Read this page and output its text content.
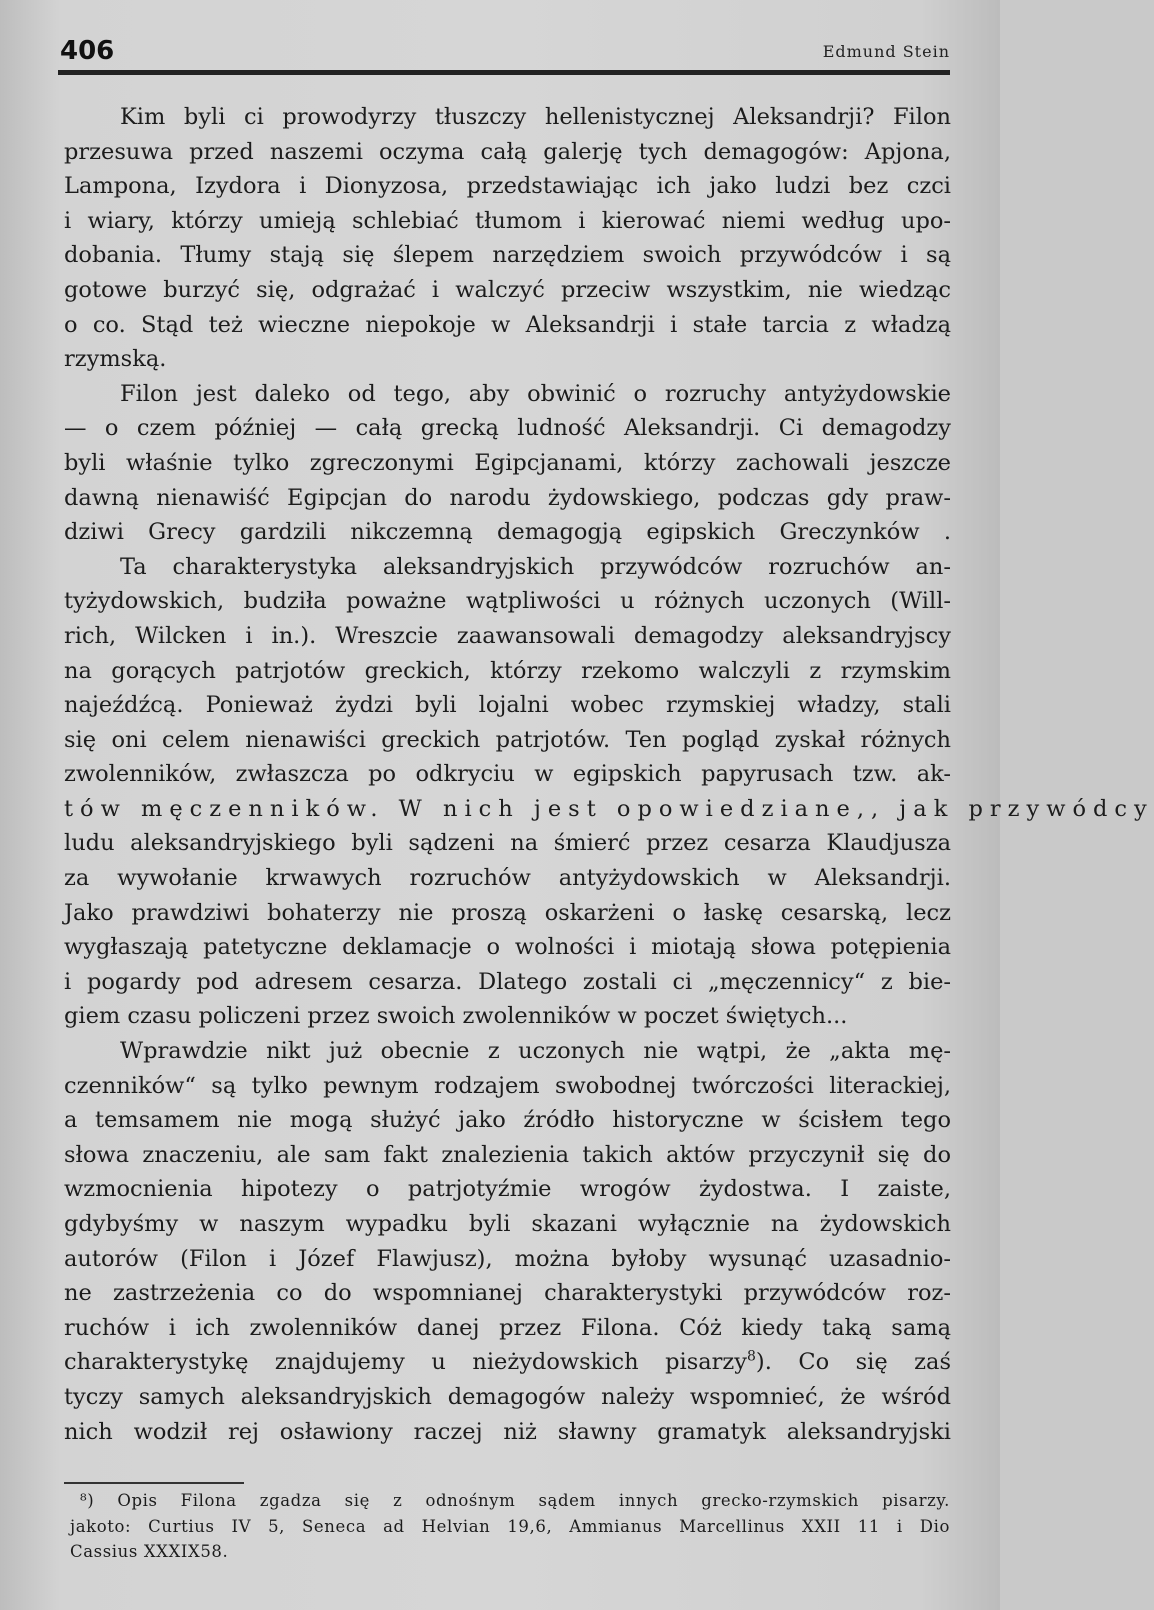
406	Edmund Stein
Kim byli ci prowodyrzy tłuszczy hellenistycznej Aleksandrji? Filon
przesuwa przed naszemi oczyma całą galerję tych demagogów: Apjona,
Lampona, Izydora i Dionyzosa, przedstawiając ich jako ludzi bez czci
i wiary, którzy umieją schlebiać tłumom i kierować niemi według upo-
dobania. Tłumy stają się ślepem narzędziem swoich przywódców i są
gotowe burzyć się, odgrażać i walczyć przeciw wszystkim, nie wiedząc
o co. Stąd też wieczne niepokoje w Aleksandrji i stałe tarcia z władzą
rzymską.
Filon jest daleko od tego, aby obwinić o rozruchy antyżydowskie
— o czem później — całą grecką ludność Aleksandrji. Ci demagodzy
byli właśnie tylko zgreczonymi Egipcjanami, którzy zachowali jeszcze
dawną nienawiść Egipcjan do narodu żydowskiego, podczas gdy praw-
dziwi Grecy gardzili nikczemną demagogją egipskich Greczynków .
Ta charakterystyka aleksandryjskich przywódców rozruchów an-
tyżydowskich, budziła poważne wątpliwości u różnych uczonych (Will-
rich, Wilcken i in.). Wreszcie zaawansowali demagodzy aleksandryjscy
na gorących patrjotów greckich, którzy rzekomo walczyli z rzymskim
najeźdźcą. Ponieważ żydzi byli lojalni wobec rzymskiej władzy, stali
się oni celem nienawiści greckich patrjotów. Ten pogląd zyskał różnych
zwolenników, zwłaszcza po odkryciu w egipskich papyrusach tzw. ak-
tów męczenników. W nich jest opowiedziane,, jak przywódcy
ludu aleksandryjskiego byli sądzeni na śmierć przez cesarza Klaudjusza
za wywołanie krwawych rozruchów antyżydowskich w Aleksandrji.
Jako prawdziwi bohaterzy nie proszą oskarżeni o łaskę cesarską, lecz
wygłaszają patetyczne deklamacje o wolności i miotają słowa potępienia
i pogardy pod adresem cesarza. Dlatego zostali ci „męczennicy“ z bie-
giem czasu policzeni przez swoich zwolenników w poczet świętych...
Wprawdzie nikt już obecnie z uczonych nie wątpi, że „akta mę-
czenników“ są tylko pewnym rodzajem swobodnej twórczości literackiej,
a temsamem nie mogą służyć jako źródło historyczne w ścisłem tego
słowa znaczeniu, ale sam fakt znalezienia takich aktów przyczynił się do
wzmocnienia hipotezy o patrjotyźmie wrogów żydostwa. I zaiste,
gdybyśmy w naszym wypadku byli skazani wyłącznie na żydowskich
autorów (Filon i Józef Flawjusz), można byłoby wysunąć uzasadnio-
ne zastrzeżenia co do wspomnianej charakterystyki przywódców roz-
ruchów i ich zwolenników danej przez Filona. Cóż kiedy taką samą
charakterystykę znajdujemy u nieżydowskich pisarzy$^8$). Co się zaś
tyczy samych aleksandryjskich demagogów należy wspomnieć, że wśród
nich wodził rej osławiony raczej niż sławny gramatyk aleksandryjski
⁸) Opis Filona zgadza się z odnośnym sądem innych grecko-rzymskich pisarzy.
jakoto: Curtius IV 5, Seneca ad Helvian 19,6, Ammianus Marcellinus XXII 11 i Dio
Cassius XXXIX58.
